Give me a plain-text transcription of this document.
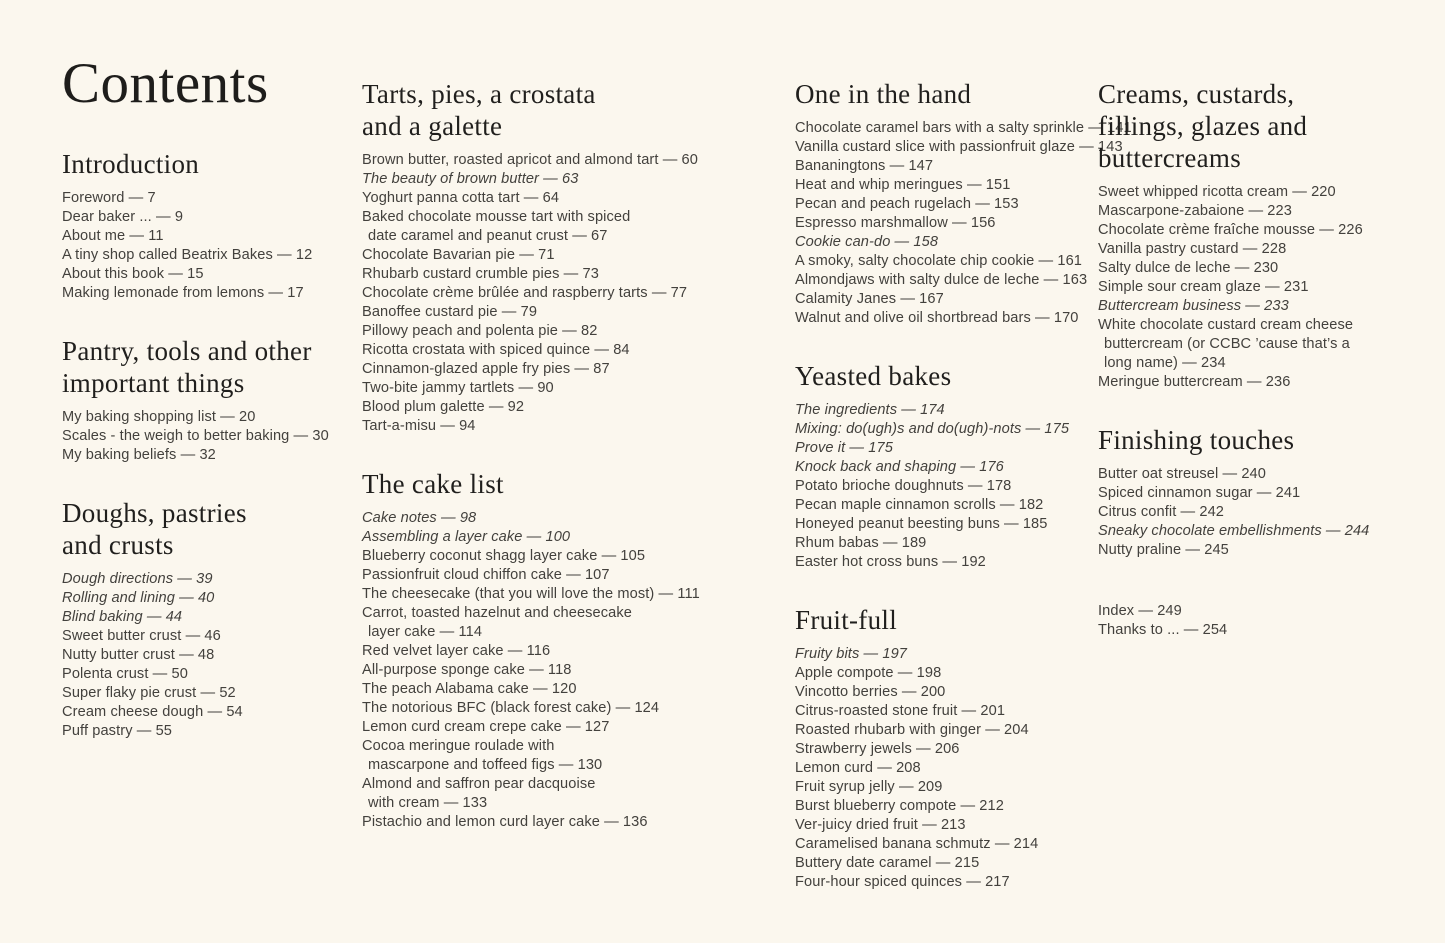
Contents
Introduction
Foreword — 7
Dear baker ... — 9
About me — 11
A tiny shop called Beatrix Bakes — 12
About this book — 15
Making lemonade from lemons — 17
Pantry, tools and other
important things
My baking shopping list — 20
Scales - the weigh to better baking — 30
My baking beliefs — 32
Doughs, pastries
and crusts
Dough directions — 39
Rolling and lining — 40
Blind baking — 44
Sweet butter crust — 46
Nutty butter crust — 48
Polenta crust — 50
Super flaky pie crust — 52
Cream cheese dough — 54
Puff pastry — 55
Tarts, pies, a crostata
and a galette
Brown butter, roasted apricot and almond tart — 60
The beauty of brown butter — 63
Yoghurt panna cotta tart — 64
Baked chocolate mousse tart with spiced
date caramel and peanut crust — 67
Chocolate Bavarian pie — 71
Rhubarb custard crumble pies — 73
Chocolate crème brûlée and raspberry tarts — 77
Banoffee custard pie — 79
Pillowy peach and polenta pie — 82
Ricotta crostata with spiced quince — 84
Cinnamon-glazed apple fry pies — 87
Two-bite jammy tartlets — 90
Blood plum galette — 92
Tart-a-misu — 94
The cake list
Cake notes — 98
Assembling a layer cake — 100
Blueberry coconut shagg layer cake — 105
Passionfruit cloud chiffon cake — 107
The cheesecake (that you will love the most) — 111
Carrot, toasted hazelnut and cheesecake
layer cake — 114
Red velvet layer cake — 116
All-purpose sponge cake — 118
The peach Alabama cake — 120
The notorious BFC (black forest cake) — 124
Lemon curd cream crepe cake — 127
Cocoa meringue roulade with
mascarpone and toffeed figs — 130
Almond and saffron pear dacquoise
with cream — 133
Pistachio and lemon curd layer cake — 136
One in the hand
Chocolate caramel bars with a salty sprinkle — 141
Vanilla custard slice with passionfruit glaze — 143
Bananingtons — 147
Heat and whip meringues — 151
Pecan and peach rugelach — 153
Espresso marshmallow — 156
Cookie can-do — 158
A smoky, salty chocolate chip cookie — 161
Almondjaws with salty dulce de leche — 163
Calamity Janes — 167
Walnut and olive oil shortbread bars — 170
Yeasted bakes
The ingredients — 174
Mixing: do(ugh)s and do(ugh)-nots — 175
Prove it — 175
Knock back and shaping — 176
Potato brioche doughnuts — 178
Pecan maple cinnamon scrolls — 182
Honeyed peanut beesting buns — 185
Rhum babas — 189
Easter hot cross buns — 192
Fruit-full
Fruity bits — 197
Apple compote — 198
Vincotto berries — 200
Citrus-roasted stone fruit — 201
Roasted rhubarb with ginger — 204
Strawberry jewels — 206
Lemon curd — 208
Fruit syrup jelly — 209
Burst blueberry compote — 212
Ver-juicy dried fruit — 213
Caramelised banana schmutz — 214
Buttery date caramel — 215
Four-hour spiced quinces — 217
Creams, custards,
fillings, glazes and
buttercreams
Sweet whipped ricotta cream — 220
Mascarpone-zabaione — 223
Chocolate crème fraîche mousse — 226
Vanilla pastry custard — 228
Salty dulce de leche — 230
Simple sour cream glaze — 231
Buttercream business — 233
White chocolate custard cream cheese
buttercream (or CCBC ’cause that’s a
long name) — 234
Meringue buttercream — 236
Finishing touches
Butter oat streusel — 240
Spiced cinnamon sugar — 241
Citrus confit — 242
Sneaky chocolate embellishments — 244
Nutty praline — 245
Index — 249
Thanks to ... — 254
